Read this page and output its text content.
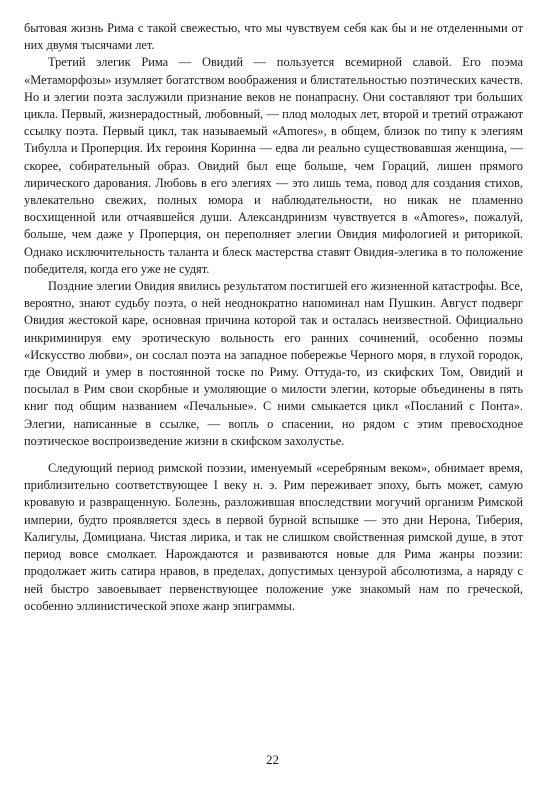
бытовая жизнь Рима с такой свежестью, что мы чувствуем себя как бы и не отделенными от них двумя тысячами лет.

Третий элегик Рима — Овидий — пользуется всемирной славой. Его поэма «Метаморфозы» изумляет богатством воображения и блистательностью поэтических качеств. Но и элегии поэта заслужили признание веков не понапрасну. Они составляют три больших цикла. Первый, жизнерадостный, любовный, — плод молодых лет, второй и третий отражают ссылку поэта. Первый цикл, так называемый «Amores», в общем, близок по типу к элегиям Тибулла и Проперция. Их героиня Коринна — едва ли реально существовавшая женщина, — скорее, собирательный образ. Овидий был еще больше, чем Гораций, лишен прямого лирического дарования. Любовь в его элегиях — это лишь тема, повод для создания стихов, увлекательно свежих, полных юмора и наблюдательности, но никак не пламенно восхищенной или отчаявшейся души. Александринизм чувствуется в «Amores», пожалуй, больше, чем даже у Проперция, он переполняет элегии Овидия мифологией и риторикой. Однако исключительность таланта и блеск мастерства ставят Овидия-элегика в то положение победителя, когда его уже не судят.

Поздние элегии Овидия явились результатом постигшей его жизненной катастрофы. Все, вероятно, знают судьбу поэта, о ней неоднократно напоминал нам Пушкин. Август подверг Овидия жестокой каре, основная причина которой так и осталась неизвестной. Официально инкриминируя ему эротическую вольность его ранних сочинений, особенно поэмы «Искусство любви», он сослал поэта на западное побережье Черного моря, в глухой городок, где Овидий и умер в постоянной тоске по Риму. Оттуда-то, из скифских Том, Овидий и посылал в Рим свои скорбные и умоляющие о милости элегии, которые объединены в пять книг под общим названием «Печальные». С ними смыкается цикл «Посланий с Понта». Элегии, написанные в ссылке, — вопль о спасении, но рядом с этим превосходное поэтическое воспроизведение жизни в скифском захолустье.

Следующий период римской поэзии, именуемый «серебряным веком», обнимает время, приблизительно соответствующее I веку н. э. Рим переживает эпоху, быть может, самую кровавую и развращенную. Болезнь, разложившая впоследствии могучий организм Римской империи, будто проявляется здесь в первой бурной вспышке — это дни Нерона, Тиберия, Калигулы, Домициана. Чистая лирика, и так не слишком свойственная римской душе, в этот период вовсе смолкает. Нарождаются и развиваются новые для Рима жанры поэзии: продолжает жить сатира нравов, в пределах, допустимых цензурой абсолютизма, а наряду с ней быстро завоевывает первенствующее положение уже знакомый нам по греческой, особенно эллинистической эпохе жанр эпиграммы.

22
